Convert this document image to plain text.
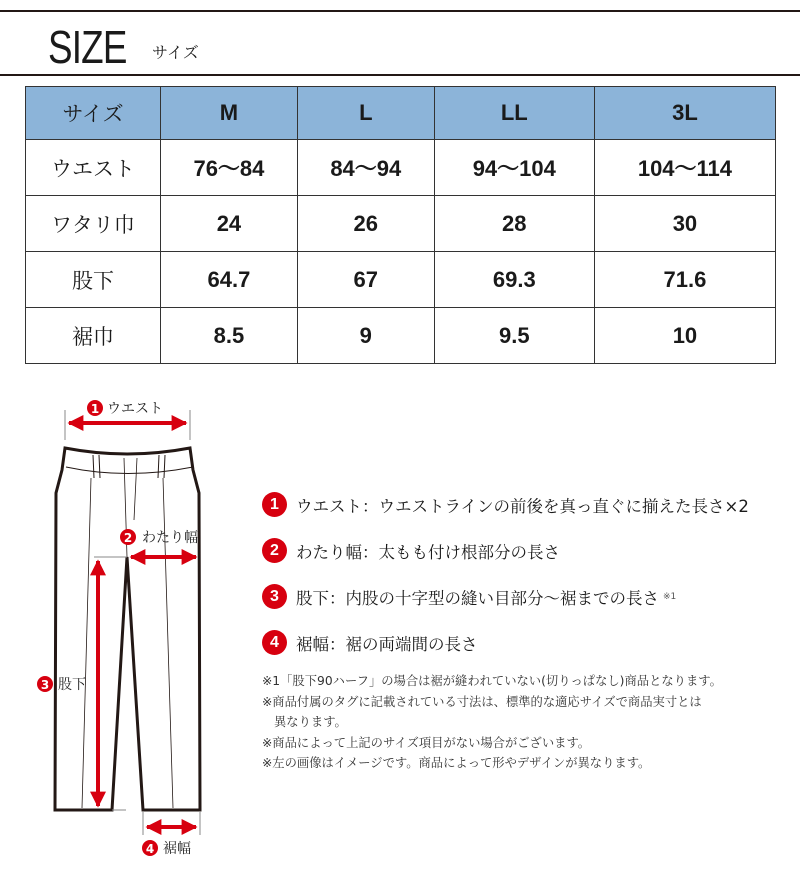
SIZE サイズ
サイズ	M	L	LL	3L
ウエスト	76〜84	84〜94	94〜104	104〜114
ワタリ巾	24	26	28	30
股下	64.7	67	69.3	71.6
裾巾	8.5	9	9.5	10
1 ウエスト
2 わたり幅
3 股下
4 裾幅
1	ウエスト：ウエストラインの前後を真っ直ぐに揃えた長さ×2
2	わたり幅：太もも付け根部分の長さ
3	股下：内股の十字型の縫い目部分〜裾までの長さ ※1
4	裾幅：裾の両端間の長さ
※1「股下90ハーフ」の場合は裾が縫われていない(切りっぱなし)商品となります。
※商品付属のタグに記載されている寸法は、標準的な適応サイズで商品実寸とは
異なります。
※商品によって上記のサイズ項目がない場合がございます。
※左の画像はイメージです。商品によって形やデザインが異なります。
